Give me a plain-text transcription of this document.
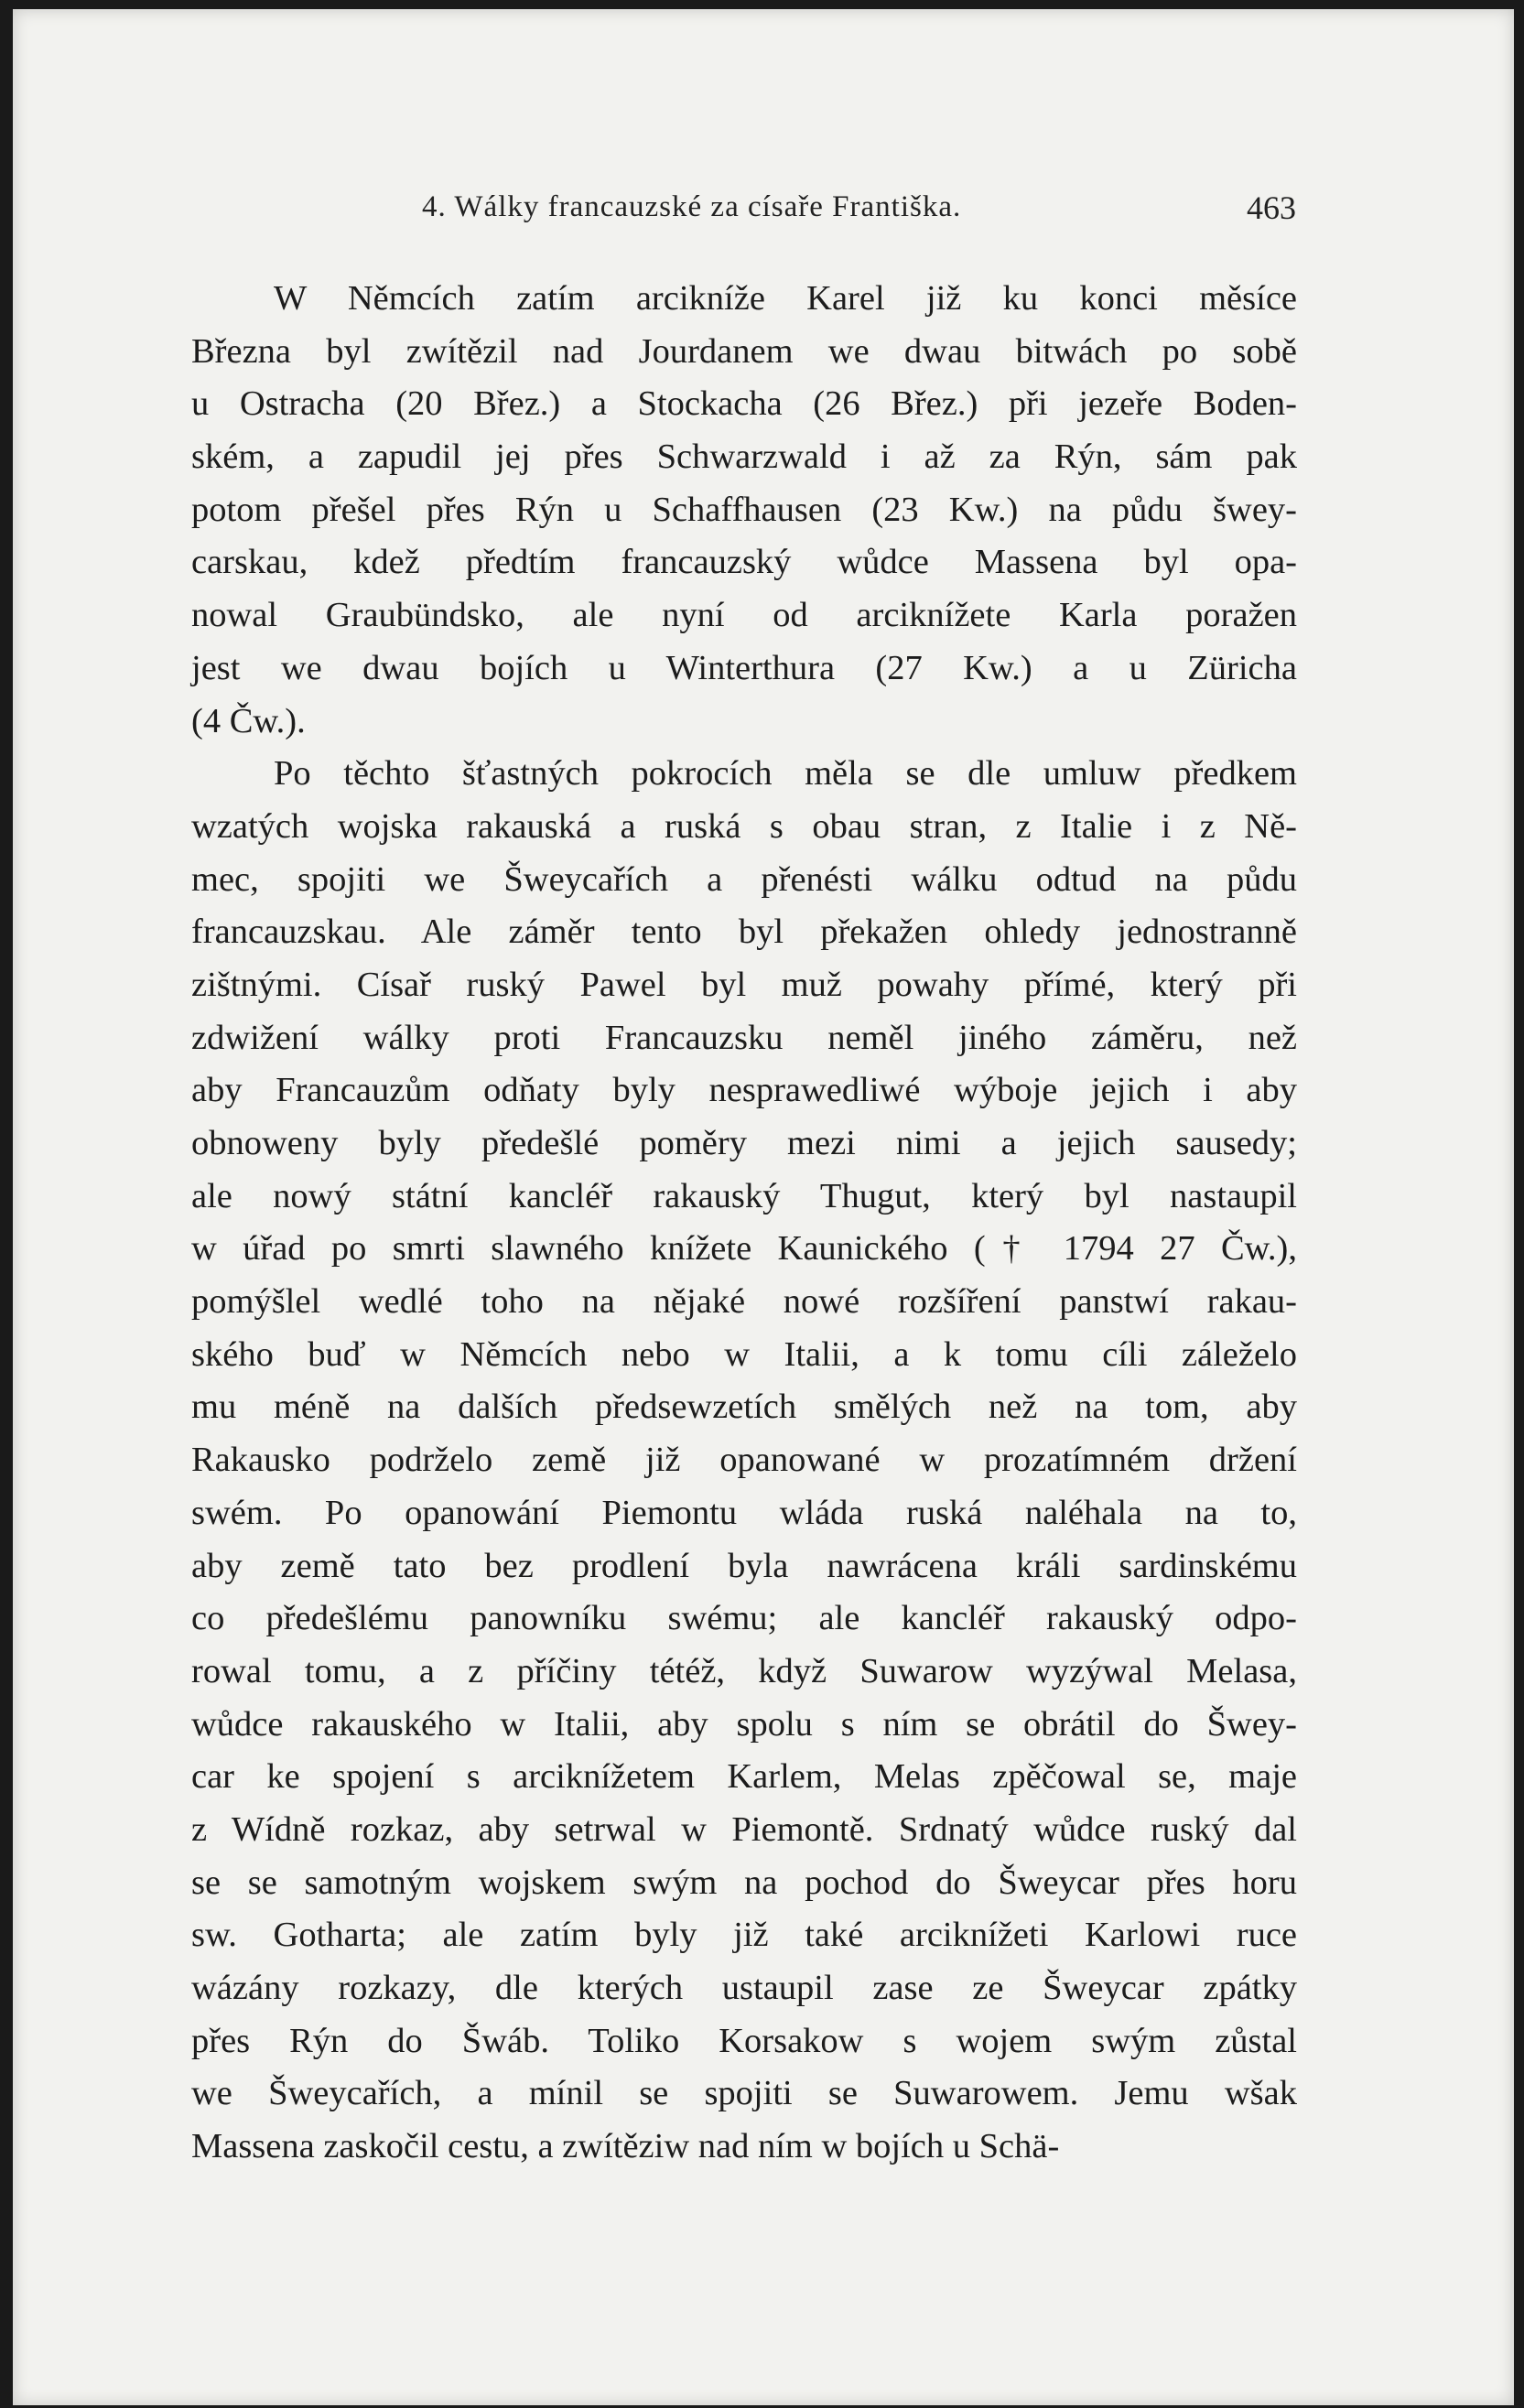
4. Wálky francauzské za císaře Františka.	463
W Němcích zatím arcikníže Karel již ku konci měsíce
Března byl zwítězil nad Jourdanem we dwau bitwách po sobě
u Ostracha (20 Břez.) a Stockacha (26 Břez.) při jezeře Boden-
ském, a zapudil jej přes Schwarzwald i až za Rýn, sám pak
potom přešel přes Rýn u Schaffhausen (23 Kw.) na půdu šwey-
carskau, kdež předtím francauzský wůdce Massena byl opa-
nowal Graubündsko, ale nyní od arciknížete Karla poražen
jest we dwau bojích u Winterthura (27 Kw.) a u Züricha
(4 Čw.).
Po těchto šťastných pokrocích měla se dle umluw předkem
wzatých wojska rakauská a ruská s obau stran, z Italie i z Ně-
mec, spojiti we Šweycařích a přenésti wálku odtud na půdu
francauzskau. Ale záměr tento byl překažen ohledy jednostranně
zištnými. Císař ruský Pawel byl muž powahy přímé, který při
zdwižení wálky proti Francauzsku neměl jiného záměru, než
aby Francauzům odňaty byly nesprawedliwé wýboje jejich i aby
obnoweny byly předešlé poměry mezi nimi a jejich sausedy;
ale nowý státní kancléř rakauský Thugut, který byl nastaupil
w úřad po smrti slawného knížete Kaunického († 1794 27 Čw.),
pomýšlel wedlé toho na nějaké nowé rozšíření panstwí rakau-
ského buď w Němcích nebo w Italii, a k tomu cíli záleželo
mu méně na dalších předsewzetích smělých než na tom, aby
Rakausko podrželo země již opanowané w prozatímném držení
swém. Po opanowání Piemontu wláda ruská naléhala na to,
aby země tato bez prodlení byla nawrácena králi sardinskému
co předešlému panowníku swému; ale kancléř rakauský odpo-
rowal tomu, a z příčiny tétéž, když Suwarow wyzýwal Melasa,
wůdce rakauského w Italii, aby spolu s ním se obrátil do Šwey-
car ke spojení s arciknížetem Karlem, Melas zpěčowal se, maje
z Wídně rozkaz, aby setrwal w Piemontě. Srdnatý wůdce ruský dal
se se samotným wojskem swým na pochod do Šweycar přes horu
sw. Gotharta; ale zatím byly již také arciknížeti Karlowi ruce
wázány rozkazy, dle kterých ustaupil zase ze Šweycar zpátky
přes Rýn do Šwáb. Toliko Korsakow s wojem swým zůstal
we Šweycařích, a mínil se spojiti se Suwarowem. Jemu wšak
Massena zaskočil cestu, a zwítěziw nad ním w bojích u Schä-
